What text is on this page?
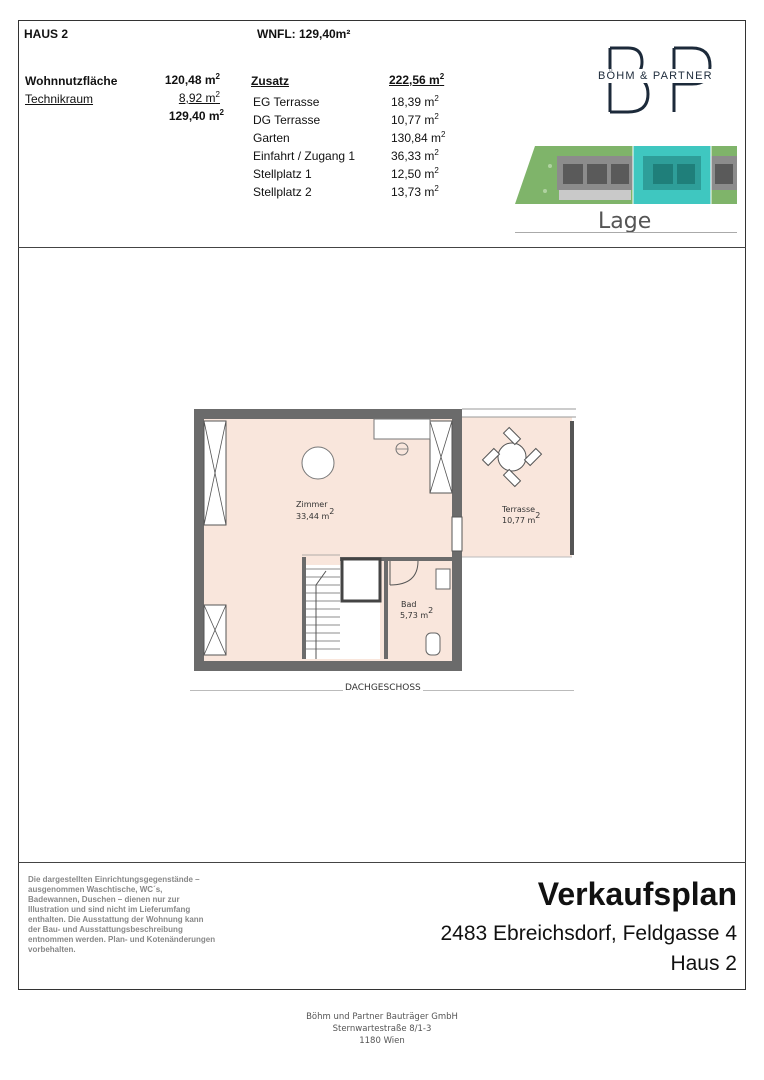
HAUS 2	WNFL: 129,40m²
Wohnnutzfläche	120,48 $m^2$
Technikraum	8,92 $m^2$
129,40 $m^2$
Zusatz	222,56 $m^2$
EG Terrasse	18,39 $m^2$
DG Terrasse	10,77 $m^2$
Garten	130,84 $m^2$
Einfahrt / Zugang 1	36,33 $m^2$
Stellplatz 1	12,50 $m^2$
Stellplatz 2	13,73 $m^2$
BÖHM & PARTNER
Lage
Zimmer
33,44 $m^2$	Terrasse
10,77 $m^2$
Bad
5,73 $m^2$
DACHGESCHOSS
Die dargestellten Einrichtungsgegenstände – ausgenommen Waschtische, WC´s, Badewannen, Duschen – dienen nur zur Illustration und sind nicht im Lieferumfang enthalten. Die Ausstattung der Wohnung kann der Bau- und Ausstattungsbeschreibung entnommen werden. Plan- und Kotenänderungen vorbehalten.
Verkaufsplan
2483 Ebreichsdorf, Feldgasse 4
Haus 2
Böhm und Partner Bauträger GmbH
Sternwartestraße 8/1-3
1180 Wien
